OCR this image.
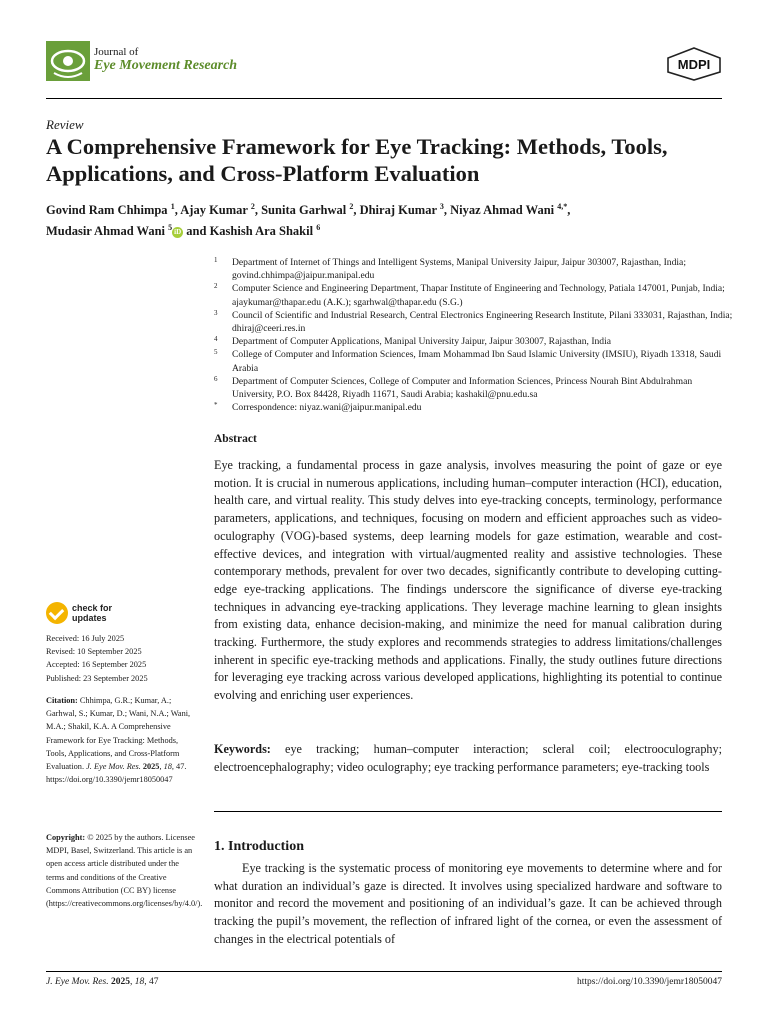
Journal of
Eye Movement Research	MDPI
Review
A Comprehensive Framework for Eye Tracking: Methods, Tools, Applications, and Cross-Platform Evaluation
Govind Ram Chhimpa $^1$, Ajay Kumar $^2$, Sunita Garhwal $^2$, Dhiraj Kumar $^3$, Niyaz Ahmad Wani $^{4,*}$,
Mudasir Ahmad Wani $^5$ iD and Kashish Ara Shakil $^6$
1 Department of Internet of Things and Intelligent Systems, Manipal University Jaipur, Jaipur 303007, Rajasthan, India; govind.chhimpa@jaipur.manipal.edu
2 Computer Science and Engineering Department, Thapar Institute of Engineering and Technology, Patiala 147001, Punjab, India; ajaykumar@thapar.edu (A.K.); sgarhwal@thapar.edu (S.G.)
3 Council of Scientific and Industrial Research, Central Electronics Engineering Research Institute, Pilani 333031, Rajasthan, India; dhiraj@ceeri.res.in
4 Department of Computer Applications, Manipal University Jaipur, Jaipur 303007, Rajasthan, India
5 College of Computer and Information Sciences, Imam Mohammad Ibn Saud Islamic University (IMSIU), Riyadh 13318, Saudi Arabia
6 Department of Computer Sciences, College of Computer and Information Sciences, Princess Nourah Bint Abdulrahman University, P.O. Box 84428, Riyadh 11671, Saudi Arabia; kashakil@pnu.edu.sa
* Correspondence: niyaz.wani@jaipur.manipal.edu
Abstract
Eye tracking, a fundamental process in gaze analysis, involves measuring the point of gaze or eye motion. It is crucial in numerous applications, including human–computer interaction (HCI), education, health care, and virtual reality. This study delves into eye-tracking concepts, terminology, performance parameters, applications, and techniques, focusing on modern and efficient approaches such as video-oculography (VOG)-based systems, deep learning models for gaze estimation, wearable and cost-effective devices, and integration with virtual/augmented reality and assistive technologies. These contemporary methods, prevalent for over two decades, significantly contribute to developing cutting-edge eye-tracking applications. The findings underscore the significance of diverse eye-tracking techniques in advancing eye-tracking applications. They leverage machine learning to glean insights from existing data, enhance decision-making, and minimize the need for manual calibration during tracking. Furthermore, the study explores and recommends strategies to address limitations/challenges inherent in specific eye-tracking methods and applications. Finally, the study outlines future directions for leveraging eye tracking across various developed applications, highlighting its potential to continue evolving and enriching user experiences.
Keywords: eye tracking; human–computer interaction; scleral coil; electrooculography; electroencephalography; video oculography; eye tracking performance parameters; eye-tracking tools
1. Introduction
Eye tracking is the systematic process of monitoring eye movements to determine where and for what duration an individual’s gaze is directed. It involves using specialized hardware and software to monitor and record the movement and positioning of an individual’s gaze. It can be achieved through tracking the pupil’s movement, the reflection of infrared light of the cornea, or even the assessment of changes in the electrical potentials of
check for
updates
Received: 16 July 2025
Revised: 10 September 2025
Accepted: 16 September 2025
Published: 23 September 2025
Citation: Chhimpa, G.R.; Kumar, A.; Garhwal, S.; Kumar, D.; Wani, N.A.; Wani, M.A.; Shakil, K.A. A Comprehensive Framework for Eye Tracking: Methods, Tools, Applications, and Cross-Platform Evaluation. J. Eye Mov. Res. 2025, 18, 47. https://doi.org/10.3390/jemr18050047
Copyright: © 2025 by the authors. Licensee MDPI, Basel, Switzerland. This article is an open access article distributed under the terms and conditions of the Creative Commons Attribution (CC BY) license (https://creativecommons.org/licenses/by/4.0/).
J. Eye Mov. Res. 2025, 18, 47	https://doi.org/10.3390/jemr18050047
